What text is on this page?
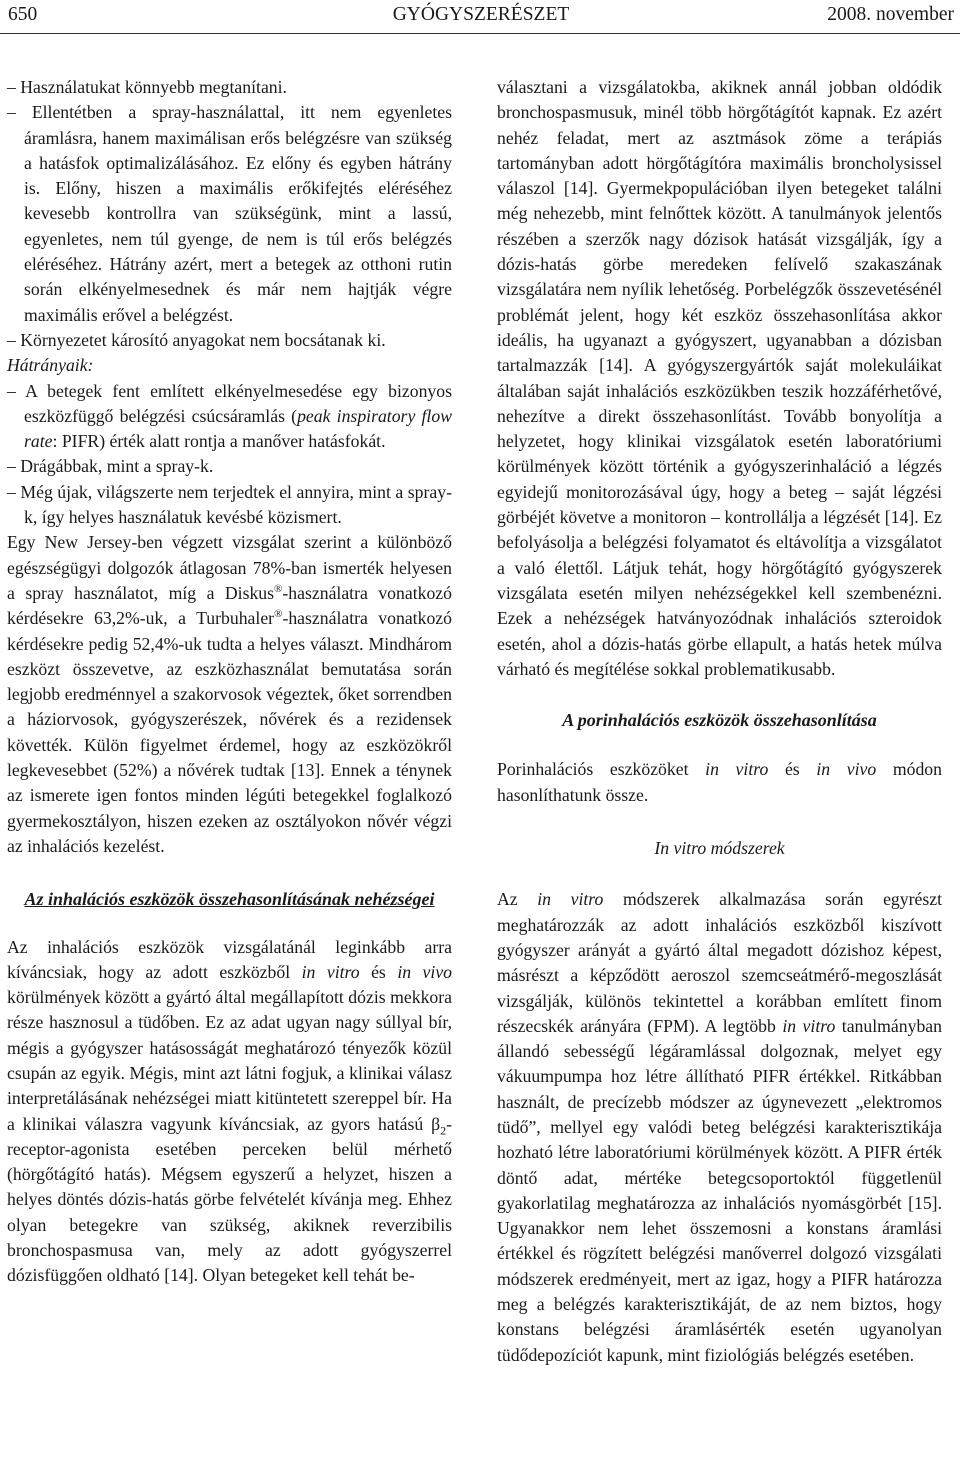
650	GYÓGYSZERÉSZET	2008. november

– Használatukat könnyebb megtanítani.

– Ellentétben a spray-használattal, itt nem egyenletes áramlásra, hanem maximálisan erős belégzésre van szükség a hatásfok optimalizálásához. Ez előny és egyben hátrány is. Előny, hiszen a maximális erőkifejtés eléréséhez kevesebb kontrollra van szükségünk, mint a lassú, egyenletes, nem túl gyenge, de nem is túl erős belégzés eléréséhez. Hátrány azért, mert a betegek az otthoni rutin során elkényelmesednek és már nem hajtják végre maximális erővel a belégzést.

– Környezetet károsító anyagokat nem bocsátanak ki.

Hátrányaik:

– A betegek fent említett elkényelmesedése egy bizonyos eszközfüggő belégzési csúcsáramlás (peak inspiratory flow rate: PIFR) érték alatt rontja a manőver hatásfokát.

– Drágábbak, mint a spray-k.

– Még újak, világszerte nem terjedtek el annyira, mint a spray-k, így helyes használatuk kevésbé közismert.

Egy New Jersey-ben végzett vizsgálat szerint a különböző egészségügyi dolgozók átlagosan 78%-ban ismerték helyesen a spray használatot, míg a Diskus®-használatra vonatkozó kérdésekre 63,2%-uk, a Turbuhaler®-használatra vonatkozó kérdésekre pedig 52,4%-uk tudta a helyes választ. Mindhárom eszközt összevetve, az eszközhasználat bemutatása során legjobb eredménnyel a szakorvosok végeztek, őket sorrendben a háziorvosok, gyógyszerészek, nővérek és a rezidensek követték. Külön figyelmet érdemel, hogy az eszközökről legkevesebbet (52%) a nővérek tudtak [13]. Ennek a ténynek az ismerete igen fontos minden légúti betegekkel foglalkozó gyermekosztályon, hiszen ezeken az osztályokon nővér végzi az inhalációs kezelést.

Az inhalációs eszközök összehasonlításának nehézségei

Az inhalációs eszközök vizsgálatánál leginkább arra kíváncsiak, hogy az adott eszközből in vitro és in vivo körülmények között a gyártó által megállapított dózis mekkora része hasznosul a tüdőben. Ez az adat ugyan nagy súllyal bír, mégis a gyógyszer hatásosságát meghatározó tényezők közül csupán az egyik. Mégis, mint azt látni fogjuk, a klinikai válasz interpretálásának nehézségei miatt kitüntetett szereppel bír. Ha a klinikai válaszra vagyunk kíváncsiak, az gyors hatású $\beta_2-receptor$-agonista esetében perceken belül mérhető (hörgőtágító hatás). Mégsem egyszerű a helyzet, hiszen a helyes döntés dózis-hatás görbe felvételét kívánja meg. Ehhez olyan betegekre van szükség, akiknek reverzibilis bronchospasmusa van, mely az adott gyógyszerrel dózisfüggően oldható [14]. Olyan betegeket kell tehát be-

választani a vizsgálatokba, akiknek annál jobban oldódik bronchospasmusuk, minél több hörgőtágítót kapnak. Ez azért nehéz feladat, mert az asztmások zöme a terápiás tartományban adott hörgőtágítóra maximális broncholysissel válaszol [14]. Gyermekpopulációban ilyen betegeket találni még nehezebb, mint felnőttek között. A tanulmányok jelentős részében a szerzők nagy dózisok hatását vizsgálják, így a dózis-hatás görbe meredeken felívelő szakaszának vizsgálatára nem nyílik lehetőség. Porbelégzők összevetésénél problémát jelent, hogy két eszköz összehasonlítása akkor ideális, ha ugyanazt a gyógyszert, ugyanabban a dózisban tartalmazzák [14]. A gyógyszergyártók saját molekuláikat általában saját inhalációs eszközükben teszik hozzáférhetővé, nehezítve a direkt összehasonlítást. Tovább bonyolítja a helyzetet, hogy klinikai vizsgálatok esetén laboratóriumi körülmények között történik a gyógyszerinhaláció a légzés egyidejű monitorozásával úgy, hogy a beteg – saját légzési görbéjét követve a monitoron – kontrollálja a légzését [14]. Ez befolyásolja a belégzési folyamatot és eltávolítja a vizsgálatot a való élettől. Látjuk tehát, hogy hörgőtágító gyógyszerek vizsgálata esetén milyen nehézségekkel kell szembenézni. Ezek a nehézségek hatványozódnak inhalációs szteroidok esetén, ahol a dózis-hatás görbe ellapult, a hatás hetek múlva várható és megítélése sokkal problematikusabb.

A porinhalációs eszközök összehasonlítása

Porinhalációs eszközöket in vitro és in vivo módon hasonlíthatunk össze.

In vitro módszerek

Az in vitro módszerek alkalmazása során egyrészt meghatározzák az adott inhalációs eszközből kiszívott gyógyszer arányát a gyártó által megadott dózishoz képest, másrészt a képződött aeroszol szemcseátmérő-megoszlását vizsgálják, különös tekintettel a korábban említett finom részecskék arányára (FPM). A legtöbb in vitro tanulmányban állandó sebességű légáramlással dolgoznak, melyet egy vákuumpumpa hoz létre állítható PIFR értékkel. Ritkábban használt, de precízebb módszer az úgynevezett „elektromos tüdő”, mellyel egy valódi beteg belégzési karakterisztikája hozható létre laboratóriumi körülmények között. A PIFR érték döntő adat, mértéke betegcsoportoktól függetlenül gyakorlatilag meghatározza az inhalációs nyomásgörbét [15]. Ugyanakkor nem lehet összemosni a konstans áramlási értékkel és rögzített belégzési manőverrel dolgozó vizsgálati módszerek eredményeit, mert az igaz, hogy a PIFR határozza meg a belégzés karakterisztikáját, de az nem biztos, hogy konstans belégzési áramlásérték esetén ugyanolyan tüdődepozíciót kapunk, mint fiziológiás belégzés esetében.
